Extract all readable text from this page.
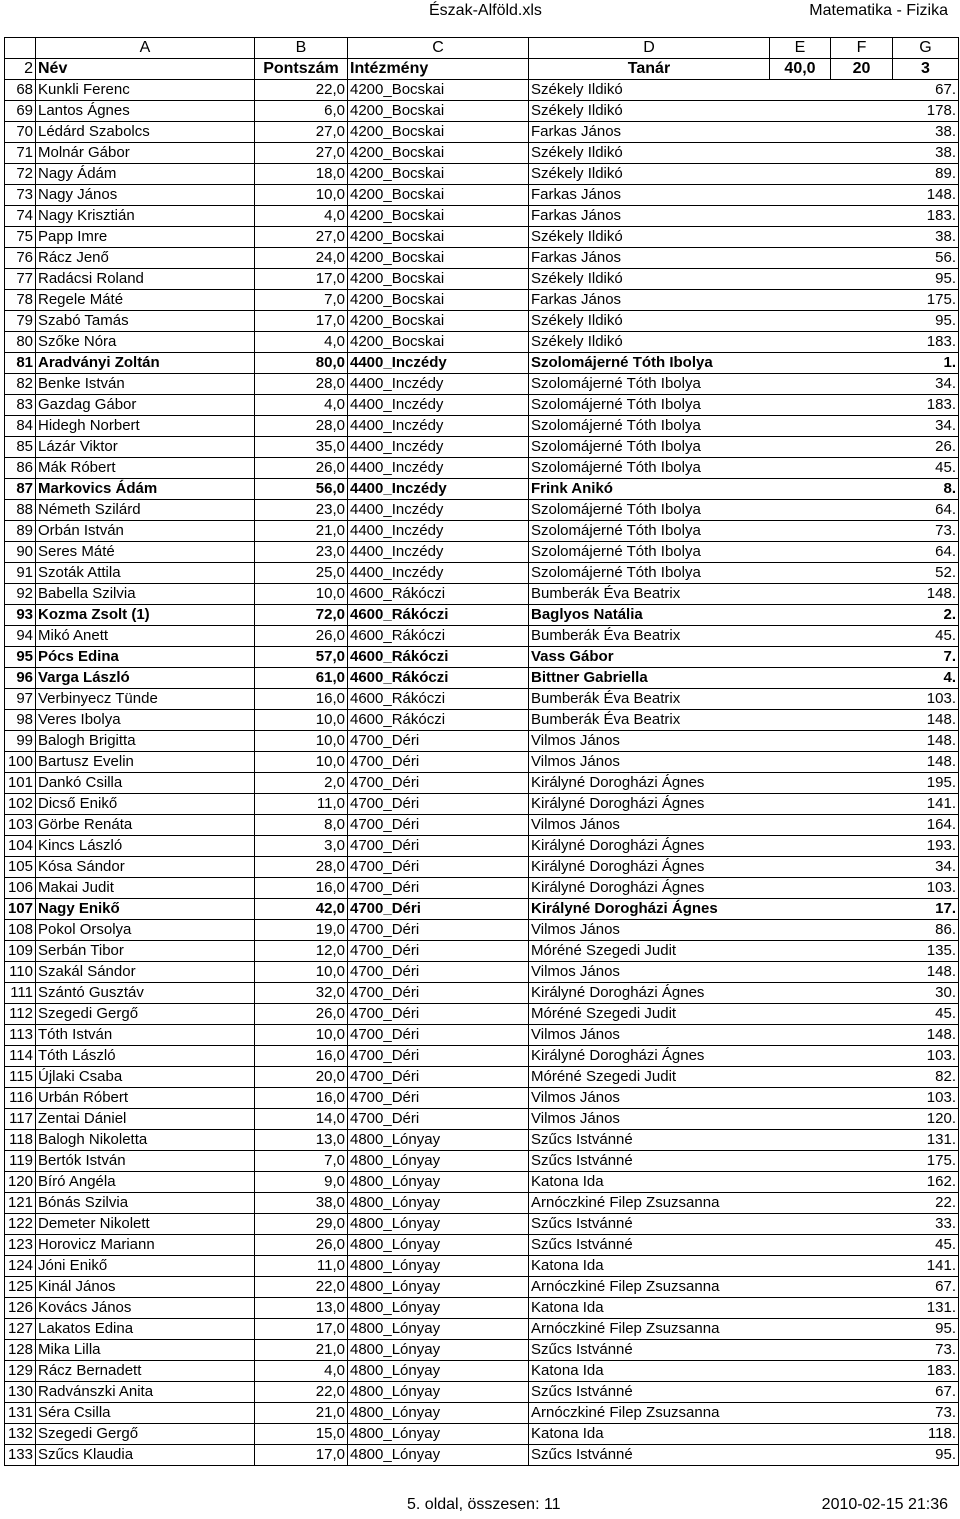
Észak-Alföld.xls	Matematika - Fizika
	A	B	C	D	E	F	G
2	Név	Pontszám	Intézmény	Tanár	40,0	20	3
68	Kunkli Ferenc	22,0	4200_Bocskai	Székely Ildikó			67.
69	Lantos Ágnes	6,0	4200_Bocskai	Székely Ildikó			178.
70	Lédárd Szabolcs	27,0	4200_Bocskai	Farkas János			38.
71	Molnár Gábor	27,0	4200_Bocskai	Székely Ildikó			38.
72	Nagy Ádám	18,0	4200_Bocskai	Székely Ildikó			89.
73	Nagy János	10,0	4200_Bocskai	Farkas János			148.
74	Nagy Krisztián	4,0	4200_Bocskai	Farkas János			183.
75	Papp Imre	27,0	4200_Bocskai	Székely Ildikó			38.
76	Rácz Jenő	24,0	4200_Bocskai	Farkas János			56.
77	Radácsi Roland	17,0	4200_Bocskai	Székely Ildikó			95.
78	Regele Máté	7,0	4200_Bocskai	Farkas János			175.
79	Szabó Tamás	17,0	4200_Bocskai	Székely Ildikó			95.
80	Szőke Nóra	4,0	4200_Bocskai	Székely Ildikó			183.
81	Aradványi Zoltán	80,0	4400_Inczédy	Szolomájerné Tóth Ibolya			1.
82	Benke István	28,0	4400_Inczédy	Szolomájerné Tóth Ibolya			34.
83	Gazdag Gábor	4,0	4400_Inczédy	Szolomájerné Tóth Ibolya			183.
84	Hidegh Norbert	28,0	4400_Inczédy	Szolomájerné Tóth Ibolya			34.
85	Lázár Viktor	35,0	4400_Inczédy	Szolomájerné Tóth Ibolya			26.
86	Mák Róbert	26,0	4400_Inczédy	Szolomájerné Tóth Ibolya			45.
87	Markovics Ádám	56,0	4400_Inczédy	Frink Anikó			8.
88	Németh Szilárd	23,0	4400_Inczédy	Szolomájerné Tóth Ibolya			64.
89	Orbán István	21,0	4400_Inczédy	Szolomájerné Tóth Ibolya			73.
90	Seres Máté	23,0	4400_Inczédy	Szolomájerné Tóth Ibolya			64.
91	Szoták Attila	25,0	4400_Inczédy	Szolomájerné Tóth Ibolya			52.
92	Babella Szilvia	10,0	4600_Rákóczi	Bumberák Éva Beatrix			148.
93	Kozma Zsolt (1)	72,0	4600_Rákóczi	Baglyos Natália			2.
94	Mikó Anett	26,0	4600_Rákóczi	Bumberák Éva Beatrix			45.
95	Pócs Edina	57,0	4600_Rákóczi	Vass Gábor			7.
96	Varga László	61,0	4600_Rákóczi	Bittner Gabriella			4.
97	Verbinyecz Tünde	16,0	4600_Rákóczi	Bumberák Éva Beatrix			103.
98	Veres Ibolya	10,0	4600_Rákóczi	Bumberák Éva Beatrix			148.
99	Balogh Brigitta	10,0	4700_Déri	Vilmos János			148.
100	Bartusz Evelin	10,0	4700_Déri	Vilmos János			148.
101	Dankó Csilla	2,0	4700_Déri	Királyné Dorogházi Ágnes			195.
102	Dicső Enikő	11,0	4700_Déri	Királyné Dorogházi Ágnes			141.
103	Görbe Renáta	8,0	4700_Déri	Vilmos János			164.
104	Kincs László	3,0	4700_Déri	Királyné Dorogházi Ágnes			193.
105	Kósa Sándor	28,0	4700_Déri	Királyné Dorogházi Ágnes			34.
106	Makai Judit	16,0	4700_Déri	Királyné Dorogházi Ágnes			103.
107	Nagy Enikő	42,0	4700_Déri	Királyné Dorogházi Ágnes			17.
108	Pokol Orsolya	19,0	4700_Déri	Vilmos János			86.
109	Serbán Tibor	12,0	4700_Déri	Móréné Szegedi Judit			135.
110	Szakál Sándor	10,0	4700_Déri	Vilmos János			148.
111	Szántó Gusztáv	32,0	4700_Déri	Királyné Dorogházi Ágnes			30.
112	Szegedi Gergő	26,0	4700_Déri	Móréné Szegedi Judit			45.
113	Tóth István	10,0	4700_Déri	Vilmos János			148.
114	Tóth László	16,0	4700_Déri	Királyné Dorogházi Ágnes			103.
115	Újlaki Csaba	20,0	4700_Déri	Móréné Szegedi Judit			82.
116	Urbán Róbert	16,0	4700_Déri	Vilmos János			103.
117	Zentai Dániel	14,0	4700_Déri	Vilmos János			120.
118	Balogh Nikoletta	13,0	4800_Lónyay	Szűcs Istvánné			131.
119	Bertók István	7,0	4800_Lónyay	Szűcs Istvánné			175.
120	Bíró Angéla	9,0	4800_Lónyay	Katona Ida			162.
121	Bónás Szilvia	38,0	4800_Lónyay	Arnóczkiné Filep Zsuzsanna			22.
122	Demeter Nikolett	29,0	4800_Lónyay	Szűcs Istvánné			33.
123	Horovicz Mariann	26,0	4800_Lónyay	Szűcs Istvánné			45.
124	Jóni Enikő	11,0	4800_Lónyay	Katona Ida			141.
125	Kinál János	22,0	4800_Lónyay	Arnóczkiné Filep Zsuzsanna			67.
126	Kovács János	13,0	4800_Lónyay	Katona Ida			131.
127	Lakatos Edina	17,0	4800_Lónyay	Arnóczkiné Filep Zsuzsanna			95.
128	Mika Lilla	21,0	4800_Lónyay	Szűcs Istvánné			73.
129	Rácz Bernadett	4,0	4800_Lónyay	Katona Ida			183.
130	Radvánszki Anita	22,0	4800_Lónyay	Szűcs Istvánné			67.
131	Séra Csilla	21,0	4800_Lónyay	Arnóczkiné Filep Zsuzsanna			73.
132	Szegedi Gergő	15,0	4800_Lónyay	Katona Ida			118.
133	Szűcs Klaudia	17,0	4800_Lónyay	Szűcs Istvánné			95.
5. oldal, összesen: 11	2010-02-15 21:36
